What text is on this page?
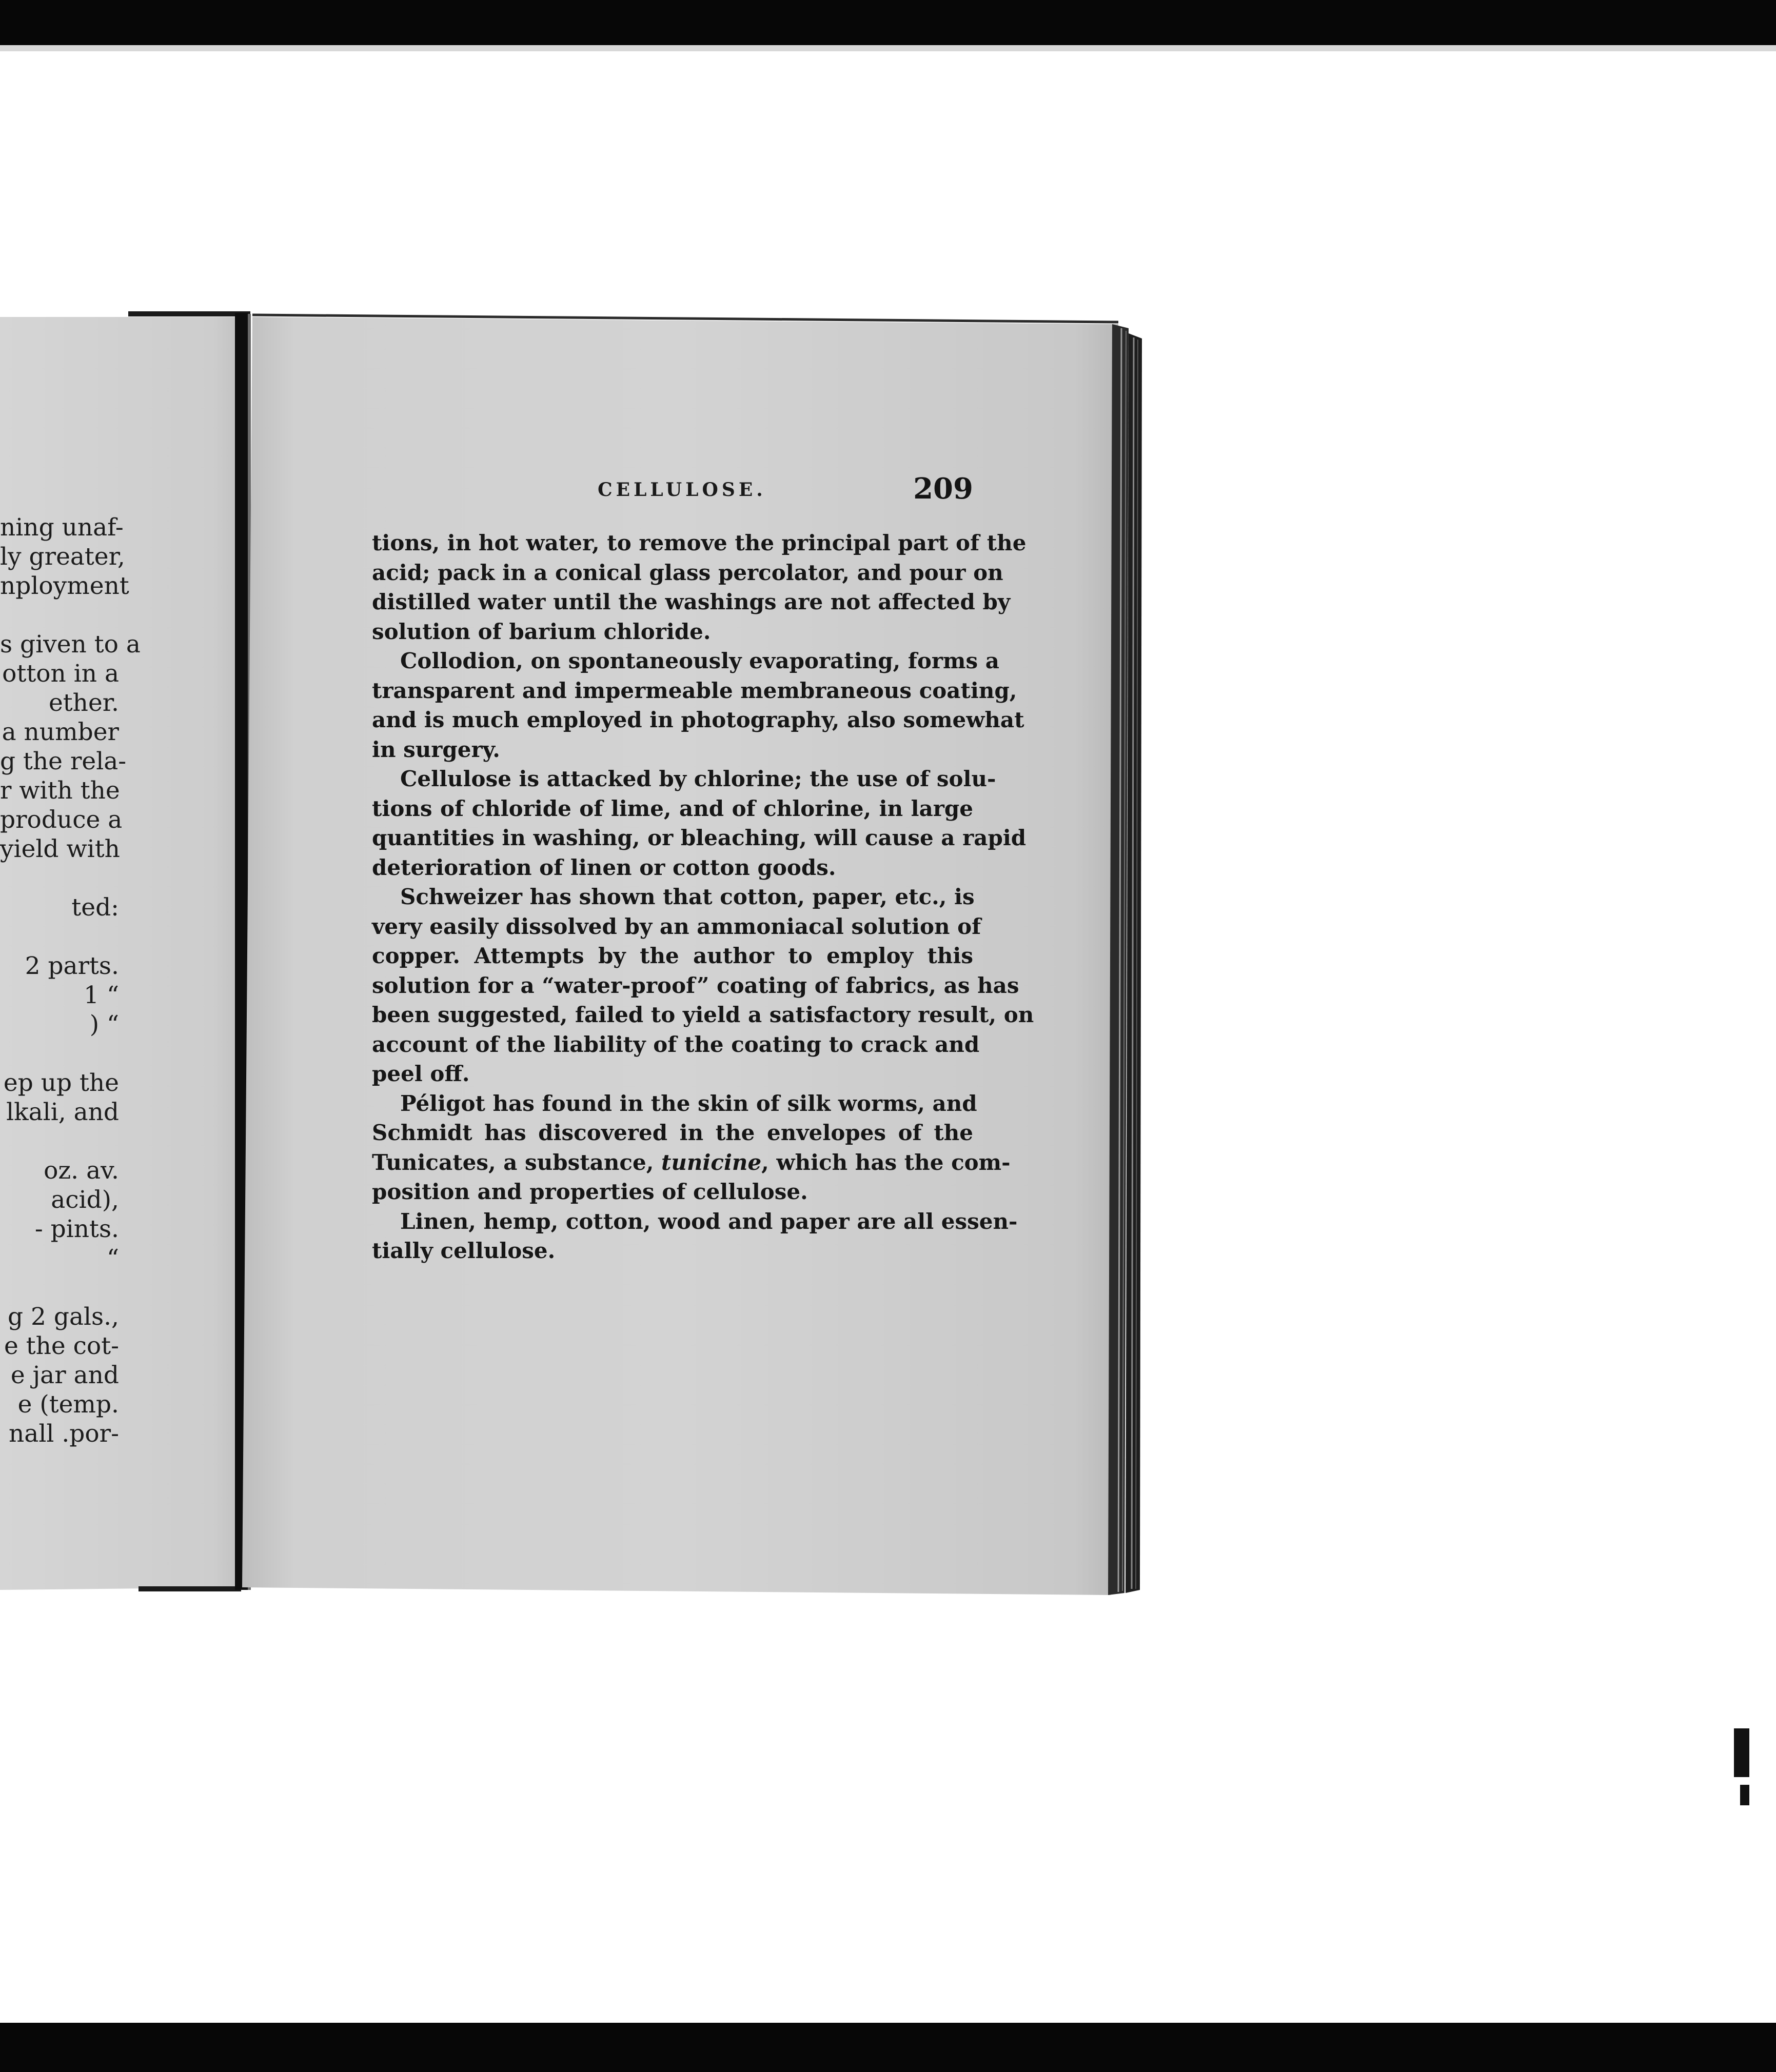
ning unaf-
ly greater,
nployment

s given to a
otton in a
ether.
a number
g the rela-
r with the
produce a
yield with

ted:

2 parts.
1 “
) “

ep up the
lkali, and

oz. av.
acid),
- pints.
“

g 2 gals.,
e the cot-
e jar and
e (temp.
nall .por-
CELLULOSE.	209
tions, in hot water, to remove the principal part of the
acid; pack in a conical glass percolator, and pour on
distilled water until the washings are not affected by
solution of barium chloride.
Collodion, on spontaneously evaporating, forms a
transparent and impermeable membraneous coating,
and is much employed in photography, also somewhat
in surgery.
Cellulose is attacked by chlorine; the use of solu-
tions of chloride of lime, and of chlorine, in large
quantities in washing, or bleaching, will cause a rapid
deterioration of linen or cotton goods.
Schweizer has shown that cotton, paper, etc., is
very easily dissolved by an ammoniacal solution of
copper. Attempts by the author to employ this
solution for a “water-proof” coating of fabrics, as has
been suggested, failed to yield a satisfactory result, on
account of the liability of the coating to crack and
peel off.
Péligot has found in the skin of silk worms, and
Schmidt has discovered in the envelopes of the
Tunicates, a substance, tunicine, which has the com-
position and properties of cellulose.
Linen, hemp, cotton, wood and paper are all essen-
tially cellulose.
